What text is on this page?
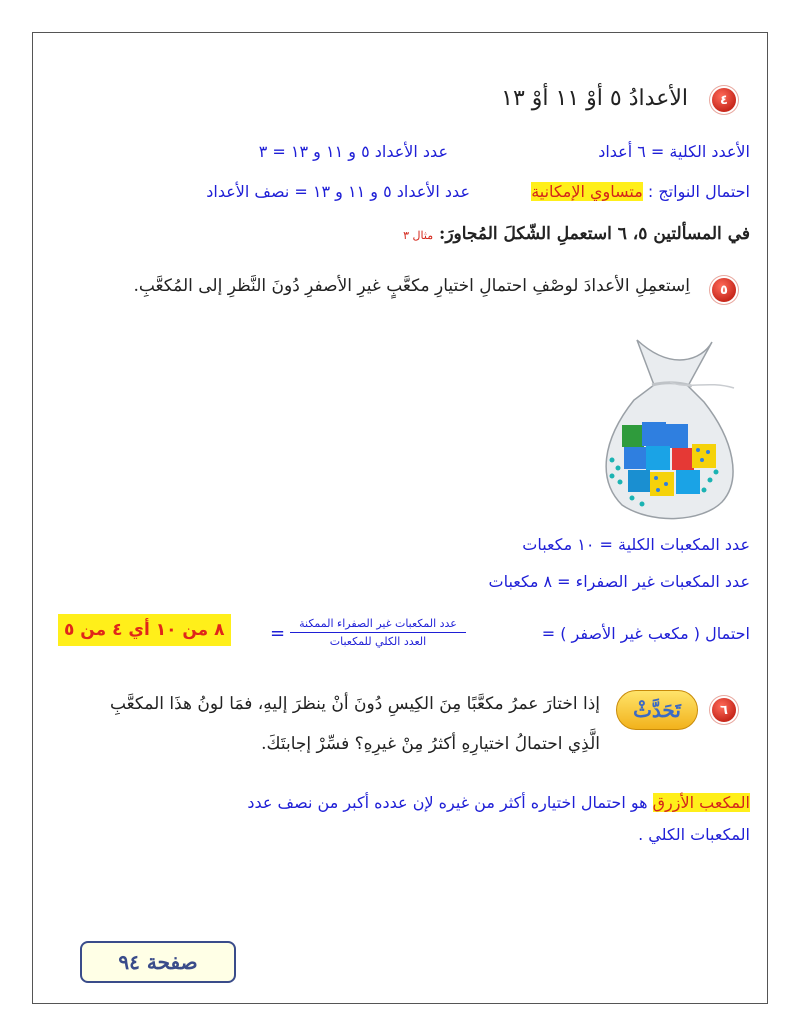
٤
الأعدادُ ٥ أوْ ١١ أوْ ١٣
الأعدد الكلية = ٦ أعداد
عدد الأعداد ٥ و ١١ و ١٣ = ٣
احتمال النواتج : متساوي الإمكانية
عدد الأعداد ٥ و ١١ و ١٣ = نصف الأعداد
في المسألتين ٥، ٦ استعملِ الشّكلَ المُجاورَ: مثال ٣
٥
اِستعمِلِ الأعدادَ لوصْفِ احتمالِ اختيارِ مكعَّبٍ غيرِ الأصفرِ دُونَ النَّظرِ إلى المُكعَّبِ.
عدد المكعبات الكلية = ١٠ مكعبات
عدد المكعبات غير الصفراء = ٨ مكعبات
احتمال ( مكعب غير الأصفر ) =
عدد المكعبات غير الصفراء الممكنة
العدد الكلي للمكعبات
=
٨ من ١٠ أي ٤ من ٥
٦
تَحَدَّثْ
إذا اختارَ عمرُ مكعَّبًا مِنَ الكِيسِ دُونَ أنْ ينظرَ إليهِ، فمَا لونُ هذَا المكعَّبِ
الَّذِي احتمالُ اختيارِهِ أكثرُ مِنْ غيرِهِ؟ فسِّرْ إجابتَكَ.
المكعب الأزرق هو احتمال اختياره أكثر من غيره لإن عدده أكبر من نصف عدد
المكعبات الكلي .
صفحة ٩٤
